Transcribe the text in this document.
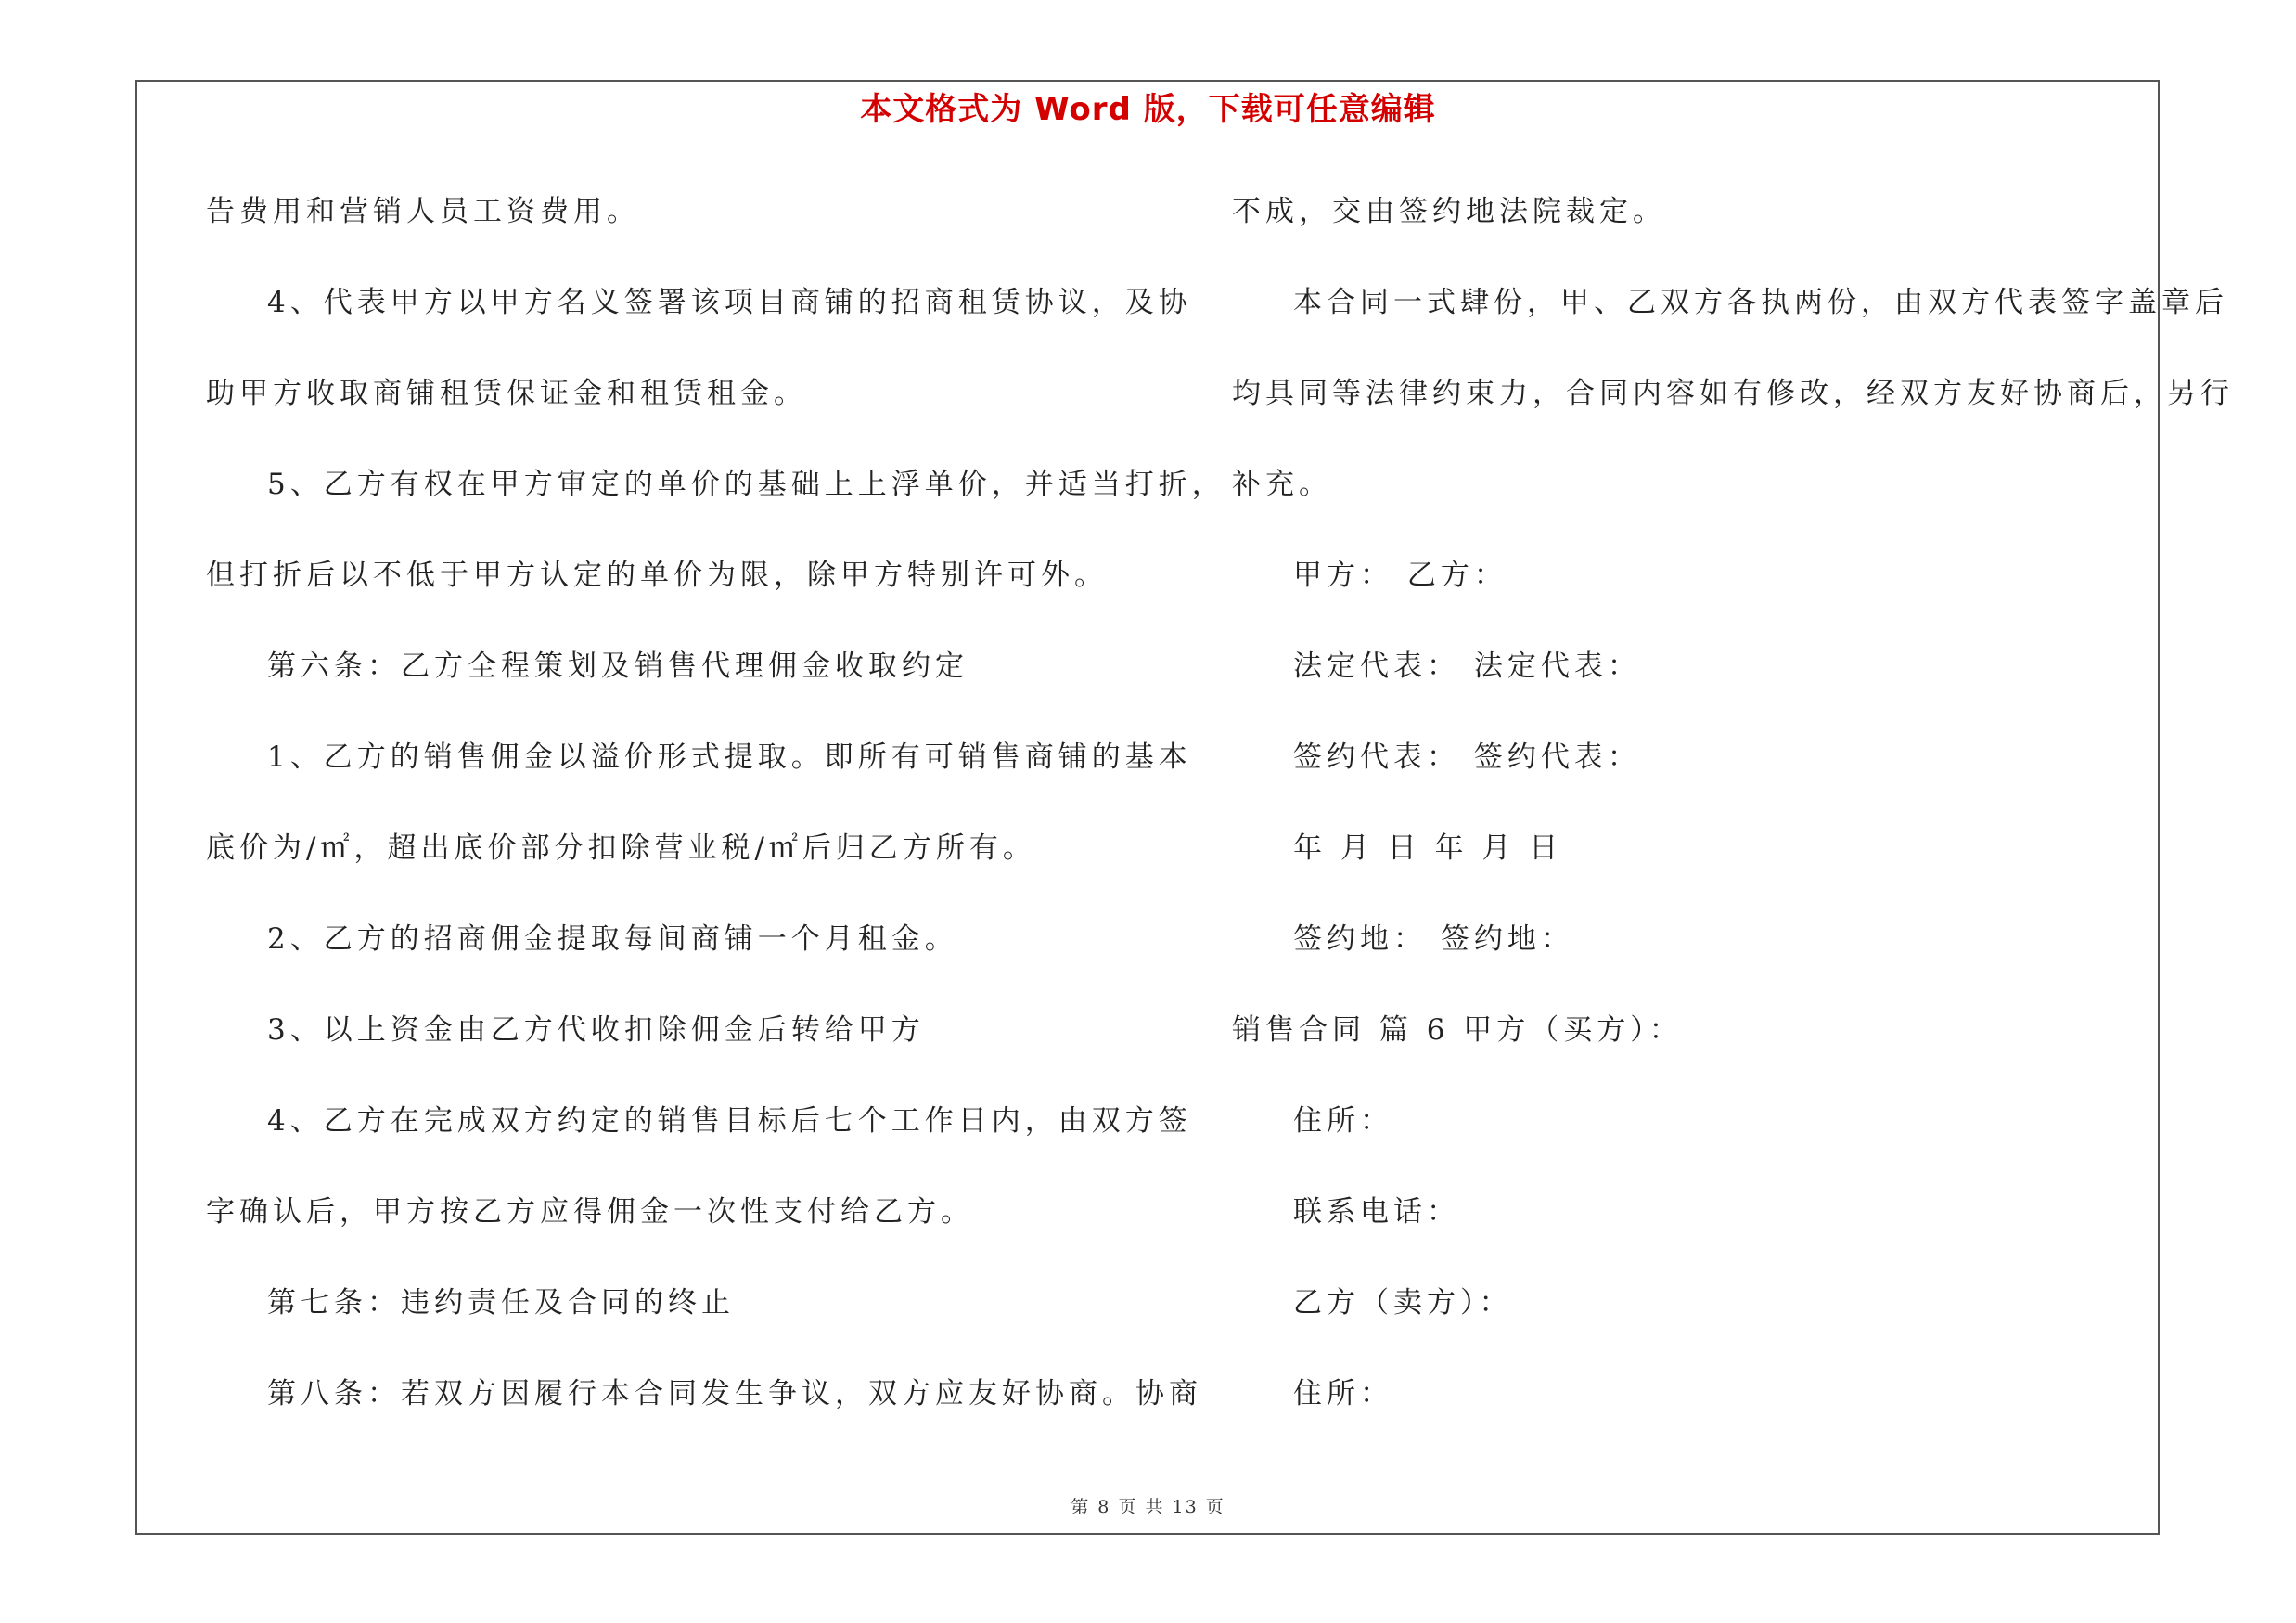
本文格式为 Word 版，下载可任意编辑
告费用和营销人员工资费用。
4、代表甲方以甲方名义签署该项目商铺的招商租赁协议，及协
助甲方收取商铺租赁保证金和租赁租金。
5、乙方有权在甲方审定的单价的基础上上浮单价，并适当打折，
但打折后以不低于甲方认定的单价为限，除甲方特别许可外。
第六条：乙方全程策划及销售代理佣金收取约定
1、乙方的销售佣金以溢价形式提取。即所有可销售商铺的基本
底价为/㎡，超出底价部分扣除营业税/㎡后归乙方所有。
2、乙方的招商佣金提取每间商铺一个月租金。
3、以上资金由乙方代收扣除佣金后转给甲方
4、乙方在完成双方约定的销售目标后七个工作日内，由双方签
字确认后，甲方按乙方应得佣金一次性支付给乙方。
第七条：违约责任及合同的终止
第八条：若双方因履行本合同发生争议，双方应友好协商。协商
不成，交由签约地法院裁定。
本合同一式肆份，甲、乙双方各执两份，由双方代表签字盖章后
均具同等法律约束力，合同内容如有修改，经双方友好协商后，另行
补充。
甲方： 乙方：
法定代表： 法定代表：
签约代表： 签约代表：
年 月 日 年 月 日
签约地： 签约地：
销售合同 篇 6 甲方（买方）：
住所：
联系电话：
乙方（卖方）：
住所：
第 8 页 共 13 页
